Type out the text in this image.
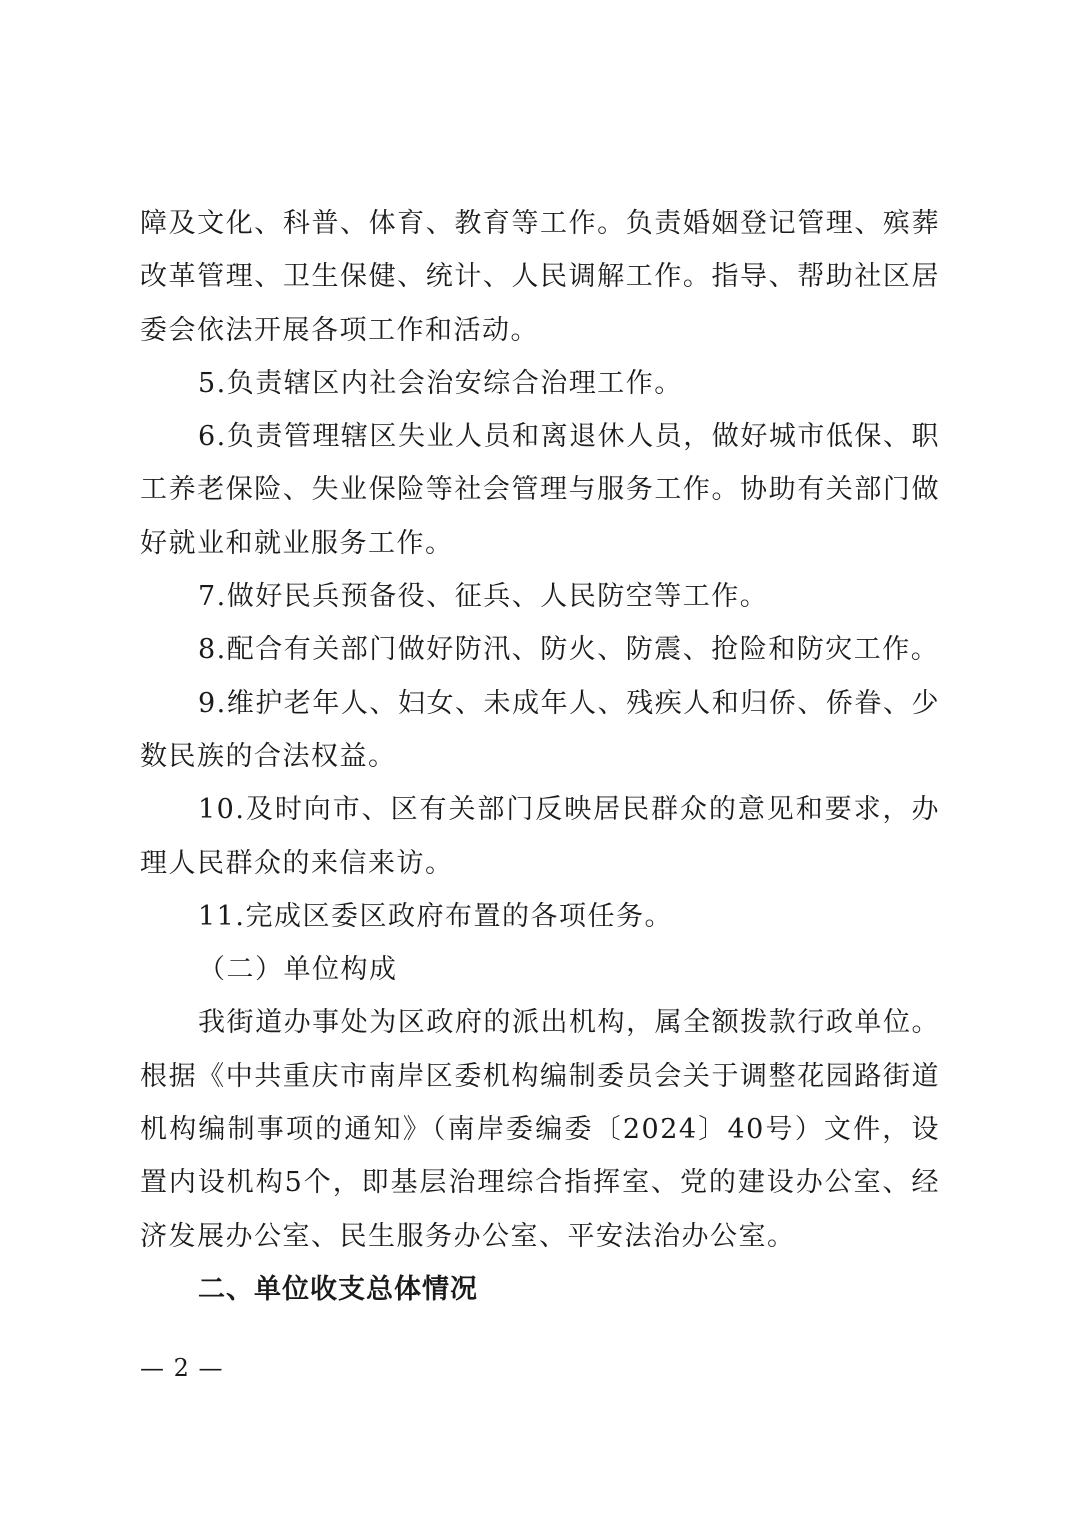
障及文化、科普、体育、教育等工作。负责婚姻登记管理、殡葬改革管理、卫生保健、统计、人民调解工作。指导、帮助社区居委会依法开展各项工作和活动。

5.负责辖区内社会治安综合治理工作。

6.负责管理辖区失业人员和离退休人员，做好城市低保、职工养老保险、失业保险等社会管理与服务工作。协助有关部门做好就业和就业服务工作。

7.做好民兵预备役、征兵、人民防空等工作。

8.配合有关部门做好防汛、防火、防震、抢险和防灾工作。

9.维护老年人、妇女、未成年人、残疾人和归侨、侨眷、少数民族的合法权益。

10.及时向市、区有关部门反映居民群众的意见和要求，办理人民群众的来信来访。

11.完成区委区政府布置的各项任务。

（二）单位构成

我街道办事处为区政府的派出机构，属全额拨款行政单位。根据《中共重庆市南岸区委机构编制委员会关于调整花园路街道机构编制事项的通知》（南岸委编委〔2024〕40号）文件，设置内设机构5个，即基层治理综合指挥室、党的建设办公室、经济发展办公室、民生服务办公室、平安法治办公室。

二、单位收支总体情况

— 2 —
